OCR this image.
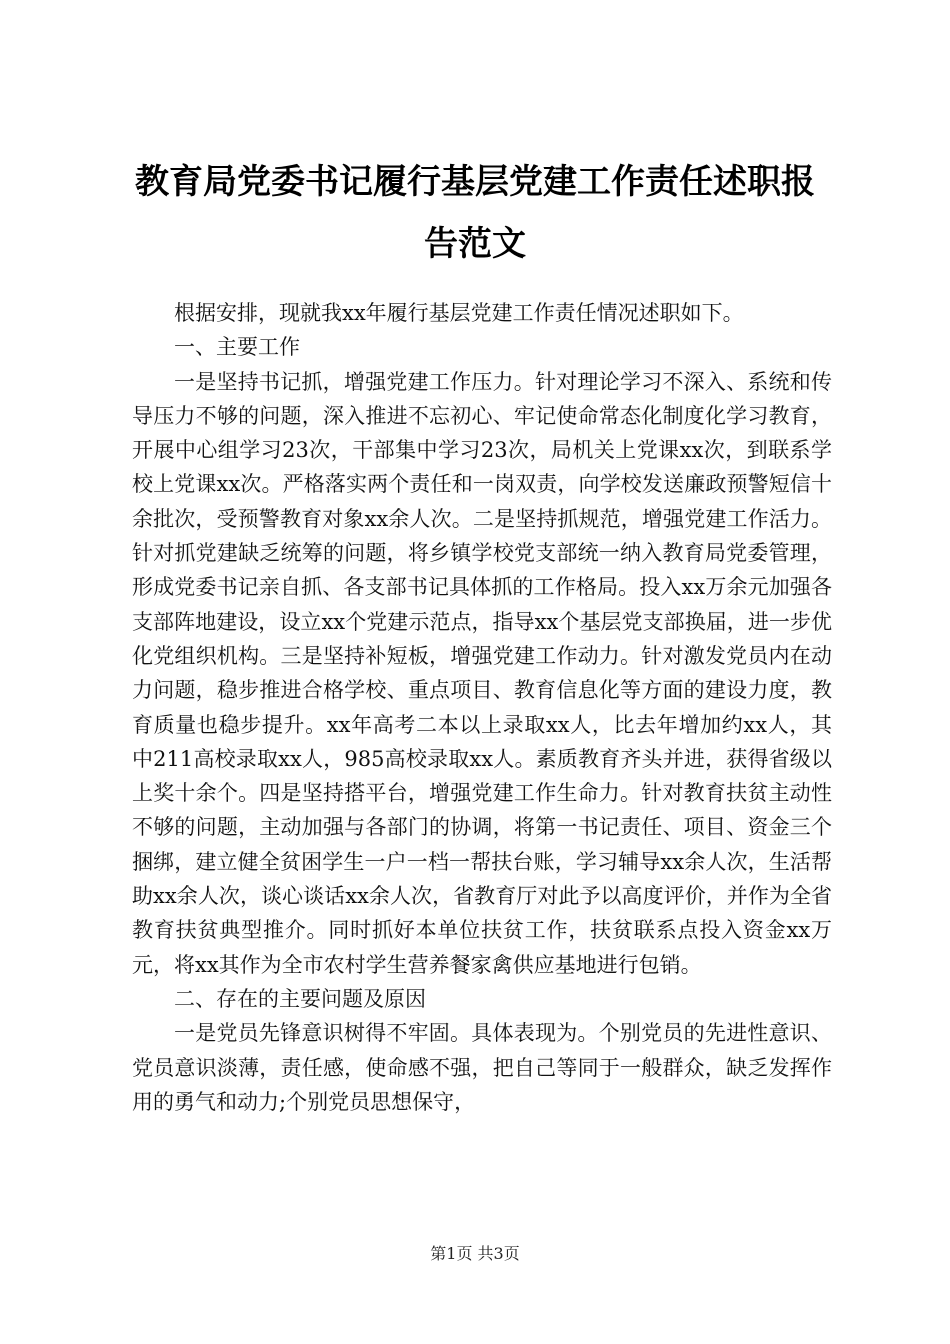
教育局党委书记履行基层党建工作责任述职报
告范文

根据安排，现就我xx年履行基层党建工作责任情况述职如下。

一、主要工作

一是坚持书记抓，增强党建工作压力。针对理论学习不深入、系统和传导压力不够的问题，深入推进不忘初心、牢记使命常态化制度化学习教育，开展中心组学习23次，干部集中学习23次，局机关上党课xx次，到联系学校上党课xx次。严格落实两个责任和一岗双责，向学校发送廉政预警短信十余批次，受预警教育对象xx余人次。二是坚持抓规范，增强党建工作活力。针对抓党建缺乏统筹的问题，将乡镇学校党支部统一纳入教育局党委管理，形成党委书记亲自抓、各支部书记具体抓的工作格局。投入xx万余元加强各支部阵地建设，设立xx个党建示范点，指导xx个基层党支部换届，进一步优化党组织机构。三是坚持补短板，增强党建工作动力。针对激发党员内在动力问题，稳步推进合格学校、重点项目、教育信息化等方面的建设力度，教育质量也稳步提升。xx年高考二本以上录取xx人，比去年增加约xx人，其中211高校录取xx人，985高校录取xx人。素质教育齐头并进，获得省级以上奖十余个。四是坚持搭平台，增强党建工作生命力。针对教育扶贫主动性不够的问题，主动加强与各部门的协调，将第一书记责任、项目、资金三个捆绑，建立健全贫困学生一户一档一帮扶台账，学习辅导xx余人次，生活帮助xx余人次，谈心谈话xx余人次，省教育厅对此予以高度评价，并作为全省教育扶贫典型推介。同时抓好本单位扶贫工作，扶贫联系点投入资金xx万元，将xx其作为全市农村学生营养餐家禽供应基地进行包销。

二、存在的主要问题及原因

一是党员先锋意识树得不牢固。具体表现为。个别党员的先进性意识、党员意识淡薄，责任感，使命感不强，把自己等同于一般群众，缺乏发挥作用的勇气和动力;个别党员思想保守，

第1页 共3页
